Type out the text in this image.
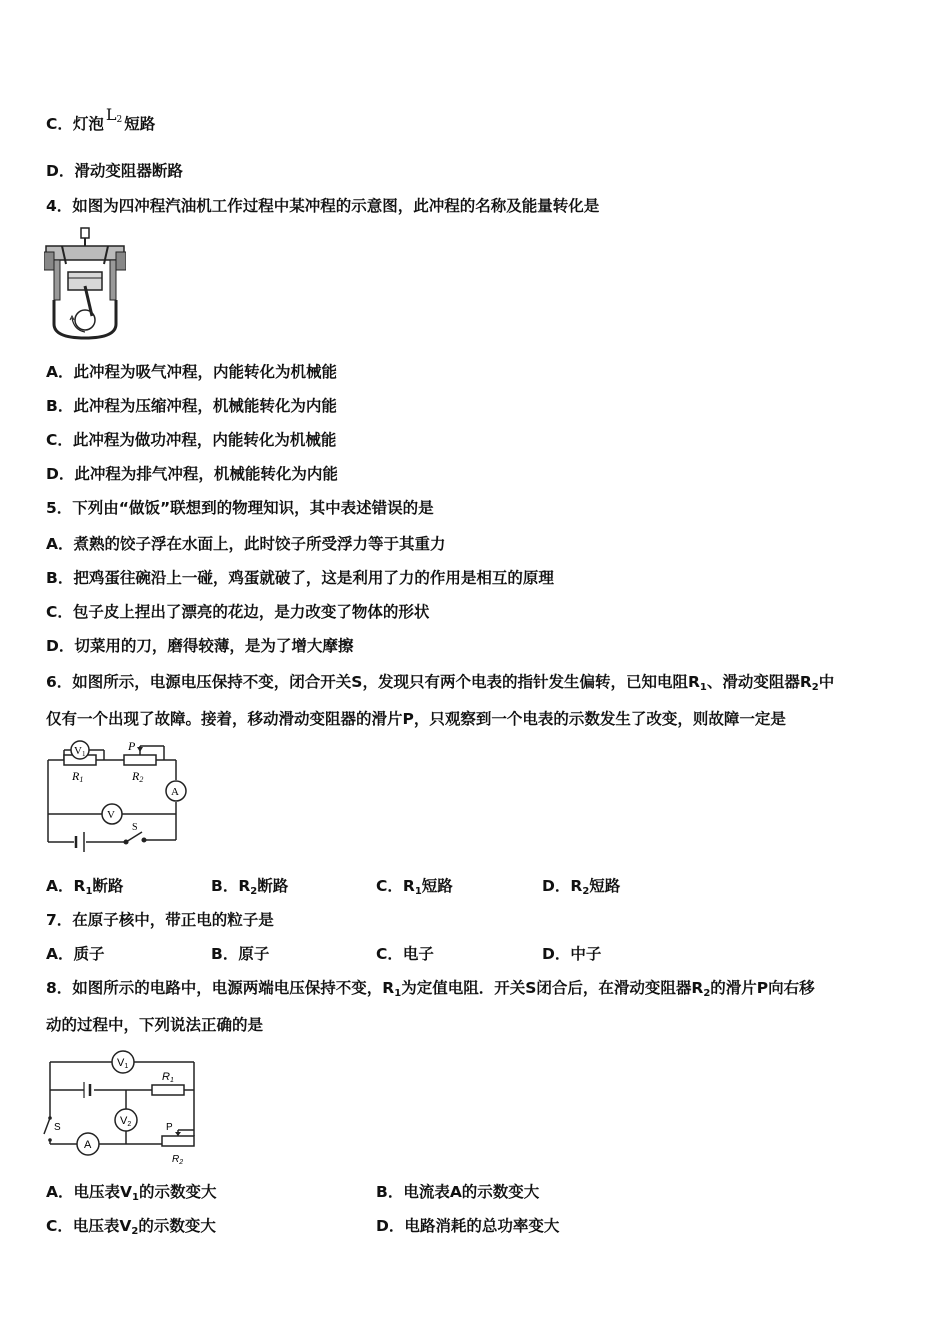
C．灯泡 $L_2$ 短路
D．滑动变阻器断路
4．如图为四冲程汽油机工作过程中某冲程的示意图，此冲程的名称及能量转化是
A．此冲程为吸气冲程，内能转化为机械能
B．此冲程为压缩冲程，机械能转化为内能
C．此冲程为做功冲程，内能转化为机械能
D．此冲程为排气冲程，机械能转化为内能
5．下列由“做饭”联想到的物理知识，其中表述错误的是
A．煮熟的饺子浮在水面上，此时饺子所受浮力等于其重力
B．把鸡蛋往碗沿上一碰，鸡蛋就破了，这是利用了力的作用是相互的原理
C．包子皮上捏出了漂亮的花边，是力改变了物体的形状
D．切菜用的刀，磨得较薄，是为了增大摩擦
6．如图所示，电源电压保持不变，闭合开关S，发现只有两个电表的指针发生偏转，已知电阻$R_1$、滑动变阻器$R_2$中
仅有一个出现了故障。接着，移动滑动变阻器的滑片P，只观察到一个电表的示数发生了改变，则故障一定是
V1
P
R1	R2
A
V
S
A．$R_1$断路	B．$R_2$断路	C．$R_1$短路	D．$R_2$短路
7．在原子核中，带正电的粒子是
A．质子	B．原子	C．电子	D．中子
8．如图所示的电路中，电源两端电压保持不变，$R_1$为定值电阻．开关S闭合后，在滑动变阻器$R_2$的滑片P向右移
动的过程中，下列说法正确的是
V1
R1
S
V2	P
A
$R_2$
A．电压表$V_1$的示数变大	B．电流表A的示数变大
C．电压表$V_2$的示数变大	D．电路消耗的总功率变大
